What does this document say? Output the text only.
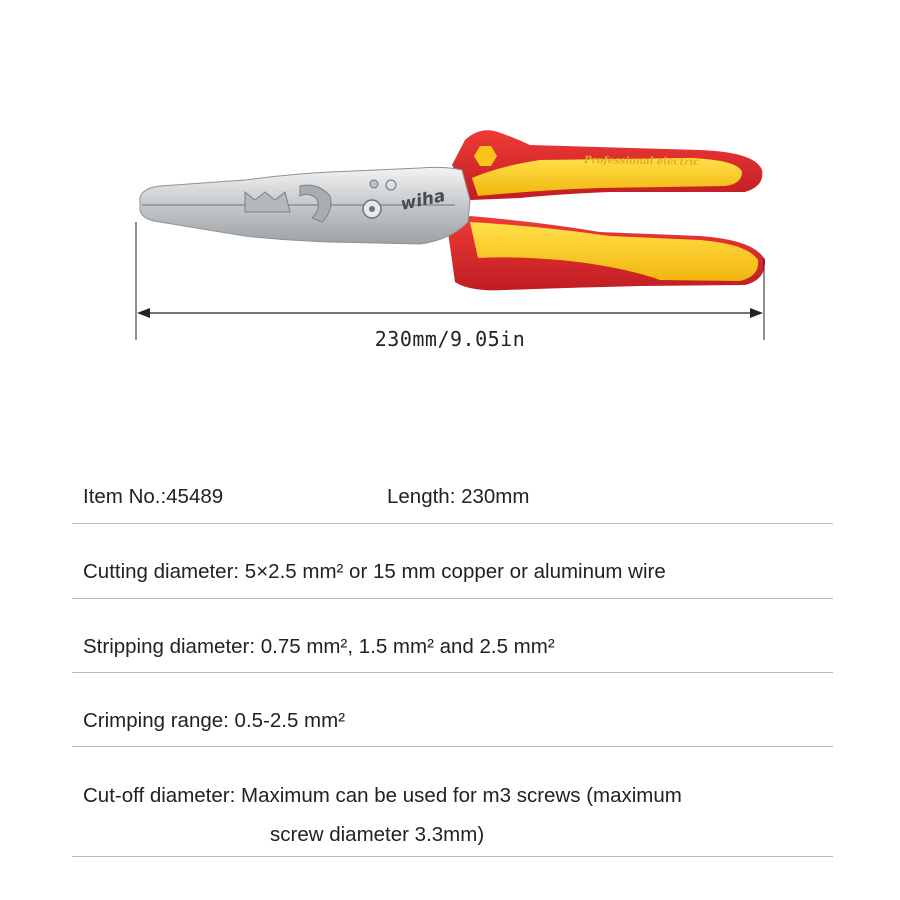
wiha
Professional electric
230mm/9.05in
Item No.:45489	Length: 230mm
Cutting diameter: 5×2.5 mm² or 15 mm copper or aluminum wire
Stripping diameter: 0.75 mm², 1.5 mm² and 2.5 mm²
Crimping range: 0.5-2.5 mm²
Cut-off diameter: Maximum can be used for m3 screws (maximum
screw diameter 3.3mm)
